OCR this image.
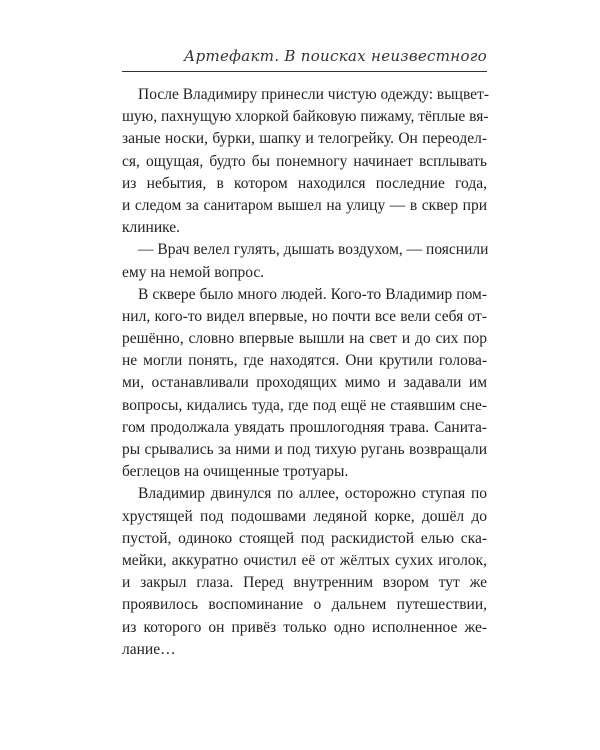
Артефакт. В поисках неизвестного
После Владимиру принесли чистую одежду: выцвет-
шую, пахнущую хлоркой байковую пижаму, тёплые вя-
заные носки, бурки, шапку и телогрейку. Он переодел-
ся, ощущая, будто бы понемногу начинает всплывать
из небытия, в котором находился последние года,
и следом за санитаром вышел на улицу — в сквер при
клинике.
— Врач велел гулять, дышать воздухом, — пояснили
ему на немой вопрос.
В сквере было много людей. Кого-то Владимир пом-
нил, кого-то видел впервые, но почти все вели себя от-
решённо, словно впервые вышли на свет и до сих пор
не могли понять, где находятся. Они крутили голова-
ми, останавливали проходящих мимо и задавали им
вопросы, кидались туда, где под ещё не стаявшим сне-
гом продолжала увядать прошлогодняя трава. Санита-
ры срывались за ними и под тихую ругань возвращали
беглецов на очищенные тротуары.
Владимир двинулся по аллее, осторожно ступая по
хрустящей под подошвами ледяной корке, дошёл до
пустой, одиноко стоящей под раскидистой елью ска-
мейки, аккуратно очистил её от жёлтых сухих иголок,
и закрыл глаза. Перед внутренним взором тут же
проявилось воспоминание о дальнем путешествии,
из которого он привёз только одно исполненное же-
лание…
